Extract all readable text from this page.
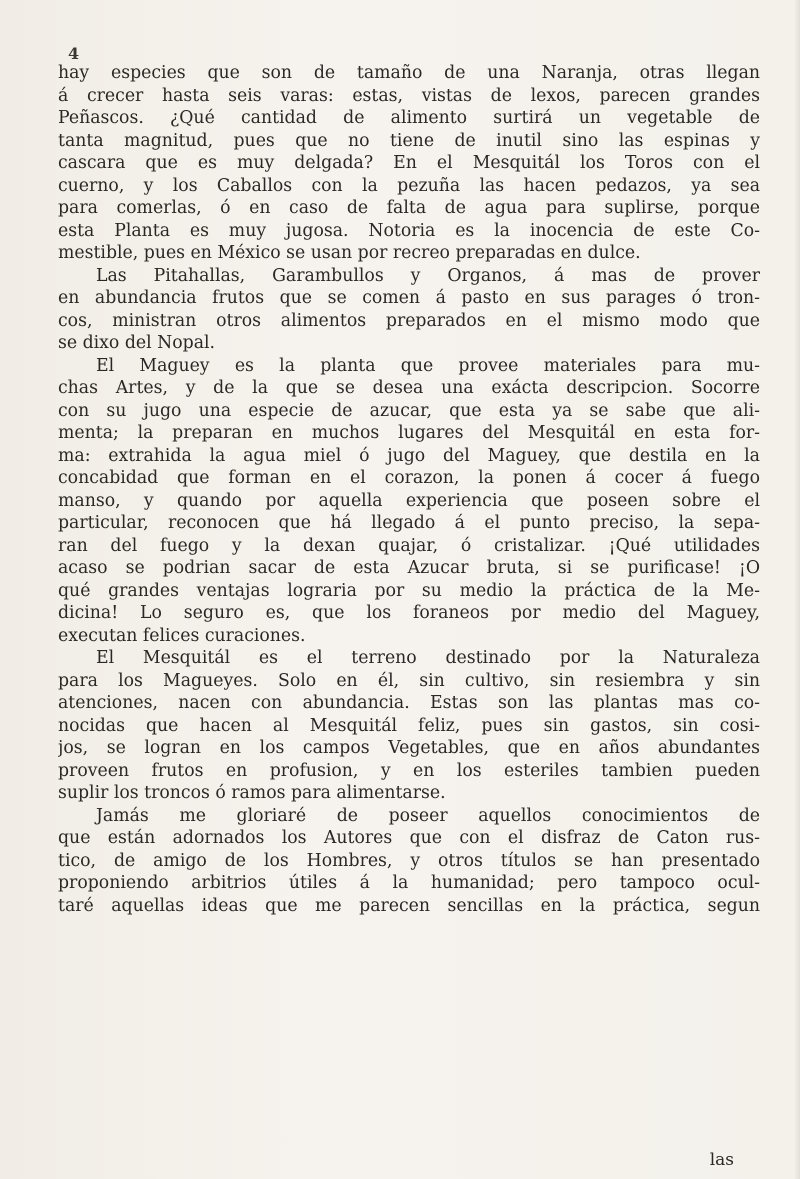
4
hay especies que son de tamaño de una Naranja, otras llegan
á crecer hasta seis varas: estas, vistas de lexos, parecen grandes
Peñascos. ¿Qué cantidad de alimento surtirá un vegetable de
tanta magnitud, pues que no tiene de inutil sino las espinas y
cascara que es muy delgada? En el Mesquitál los Toros con el
cuerno, y los Caballos con la pezuña las hacen pedazos, ya sea
para comerlas, ó en caso de falta de agua para suplirse, porque
esta Planta es muy jugosa. Notoria es la inocencia de este Co-
mestible, pues en México se usan por recreo preparadas en dulce.
Las Pitahallas, Garambullos y Organos, á mas de prover
en abundancia frutos que se comen á pasto en sus parages ó tron-
cos, ministran otros alimentos preparados en el mismo modo que
se dixo del Nopal.
El Maguey es la planta que provee materiales para mu-
chas Artes, y de la que se desea una exácta descripcion. Socorre
con su jugo una especie de azucar, que esta ya se sabe que ali-
menta; la preparan en muchos lugares del Mesquitál en esta for-
ma: extrahida la agua miel ó jugo del Maguey, que destila en la
concabidad que forman en el corazon, la ponen á cocer á fuego
manso, y quando por aquella experiencia que poseen sobre el
particular, reconocen que há llegado á el punto preciso, la sepa-
ran del fuego y la dexan quajar, ó cristalizar. ¡Qué utilidades
acaso se podrian sacar de esta Azucar bruta, si se purificase! ¡O
qué grandes ventajas lograria por su medio la práctica de la Me-
dicina! Lo seguro es, que los foraneos por medio del Maguey,
executan felices curaciones.
El Mesquitál es el terreno destinado por la Naturaleza
para los Magueyes. Solo en él, sin cultivo, sin resiembra y sin
atenciones, nacen con abundancia. Estas son las plantas mas co-
nocidas que hacen al Mesquitál feliz, pues sin gastos, sin cosi-
jos, se logran en los campos Vegetables, que en años abundantes
proveen frutos en profusion, y en los esteriles tambien pueden
suplir los troncos ó ramos para alimentarse.
Jamás me gloriaré de poseer aquellos conocimientos de
que están adornados los Autores que con el disfraz de Caton rus-
tico, de amigo de los Hombres, y otros títulos se han presentado
proponiendo arbitrios útiles á la humanidad; pero tampoco ocul-
taré aquellas ideas que me parecen sencillas en la práctica, segun
las
